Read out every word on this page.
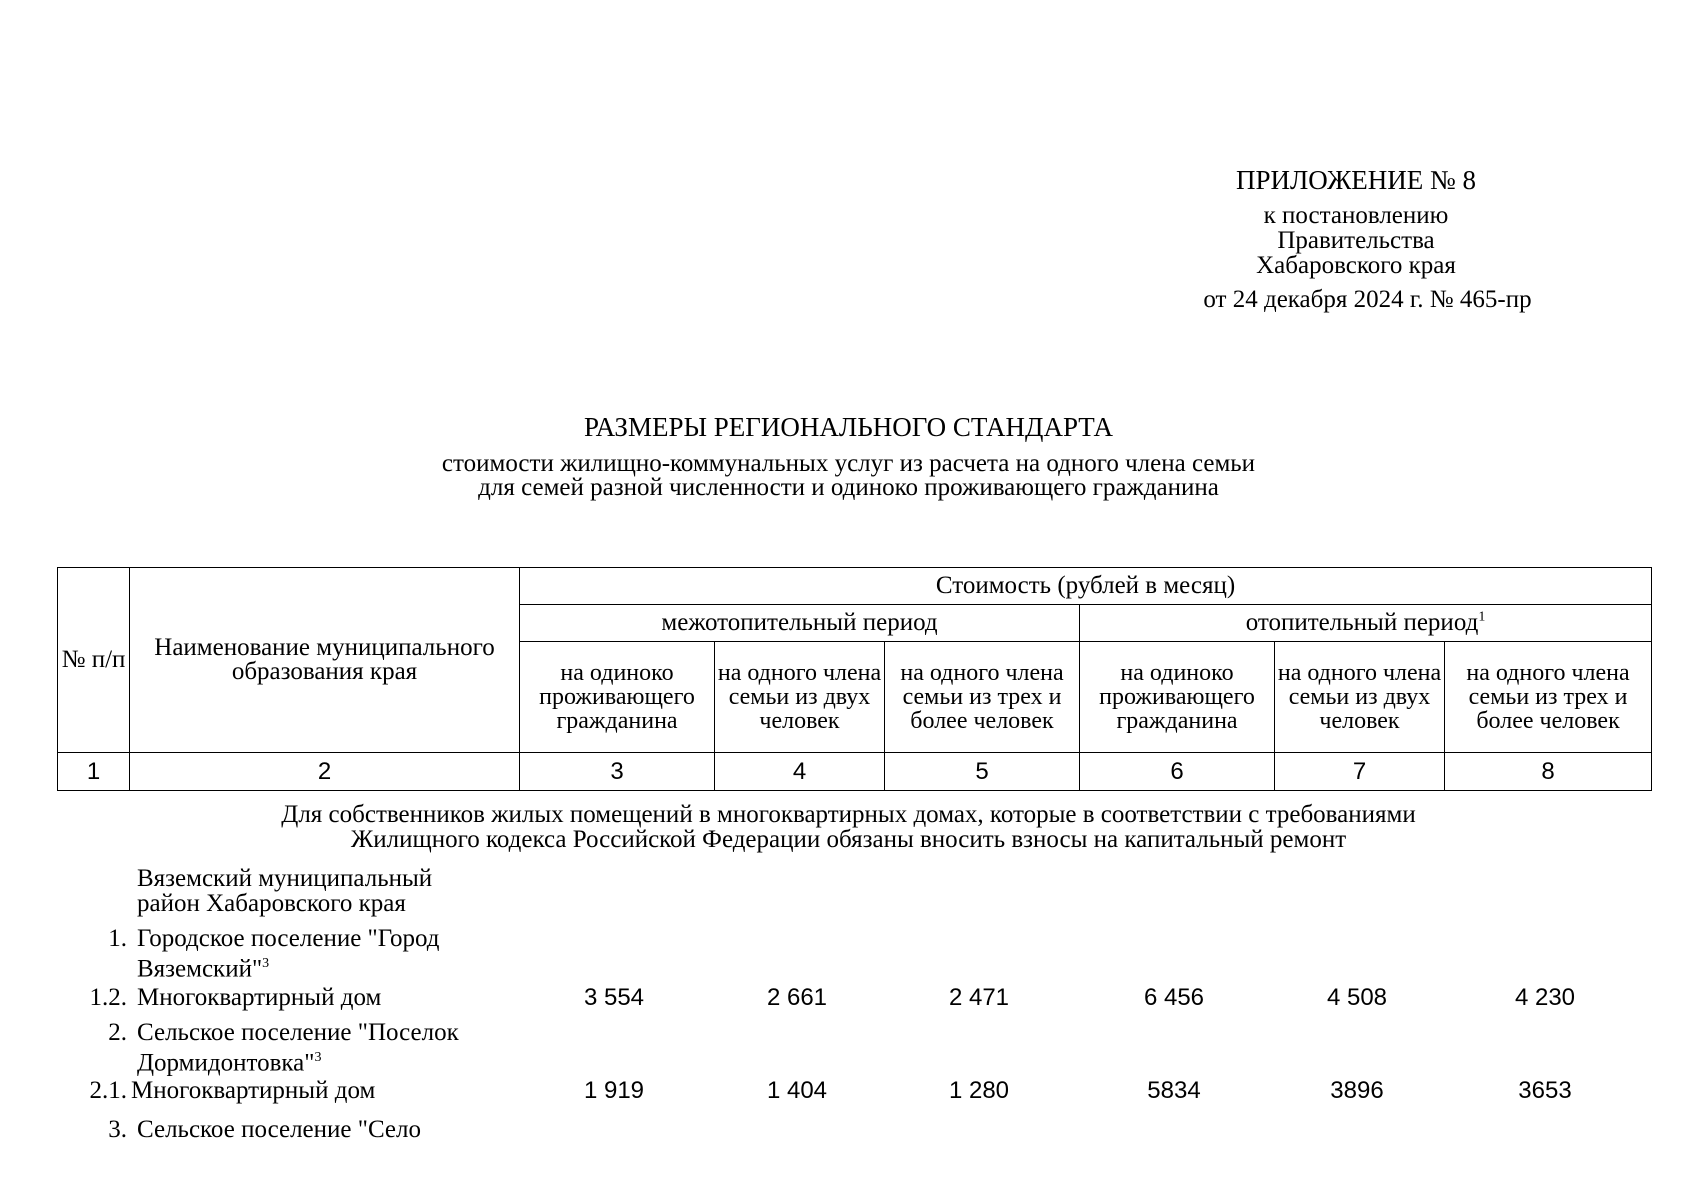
ПРИЛОЖЕНИЕ № 8
к постановлению
Правительства
Хабаровского края
от 24 декабря 2024 г. № 465-пр
РАЗМЕРЫ РЕГИОНАЛЬНОГО СТАНДАРТА
стоимости жилищно-коммунальных услуг из расчета на одного члена семьи
для семей разной численности и одиноко проживающего гражданина
№ п/п	Наименование муниципального образования края	Стоимость (рублей в месяц)					
		межотопительный период			отопительный период$^1$
		на одиноко проживающего гражданина	на одного члена семьи из двух человек	на одного члена семьи из трех и более человек	на одиноко проживающего гражданина	на одного члена семьи из двух человек	на одного члена семьи из трех и более человек
1	2	3	4	5	6	7	8
Для собственников жилых помещений в многоквартирных домах, которые в соответствии с требованиями
Жилищного кодекса Российской Федерации обязаны вносить взносы на капитальный ремонт
Вяземский муниципальный
район Хабаровского края
1. Городское поселение "Город
Вяземский"$^3$
1.2. Многоквартирный дом	3 554	2 661	2 471	6 456	4 508	4 230
2. Сельское поселение "Поселок
Дормидонтовка"$^3$
2.1. Многоквартирный дом	1 919	1 404	1 280	5834	3896	3653
3. Сельское поселение "Село
